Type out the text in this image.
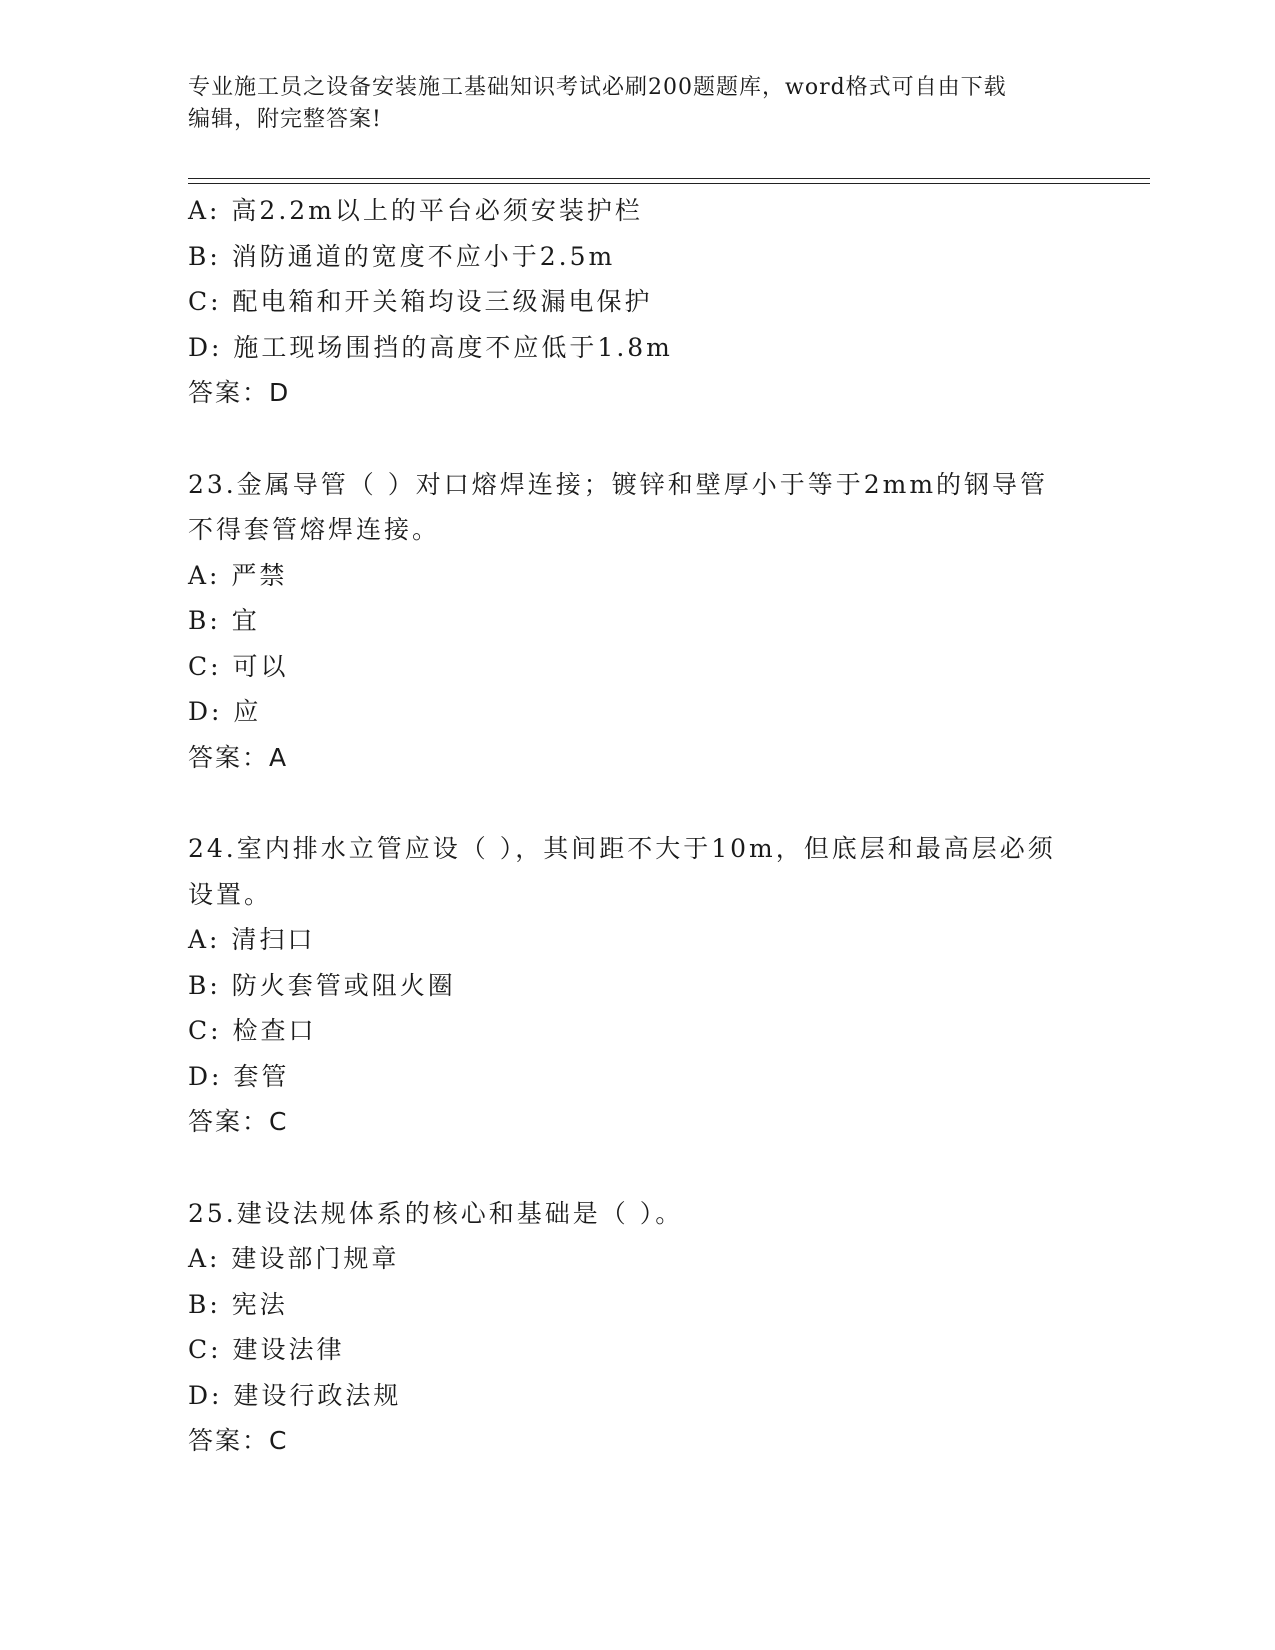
专业施工员之设备安装施工基础知识考试必刷200题题库，word格式可自由下载
编辑，附完整答案!
A: 高2.2m以上的平台必须安装护栏
B: 消防通道的宽度不应小于2.5m
C: 配电箱和开关箱均设三级漏电保护
D: 施工现场围挡的高度不应低于1.8m
答案：D
23.金属导管（ ）对口熔焊连接；镀锌和壁厚小于等于2mm的钢导管
不得套管熔焊连接。
A: 严禁
B: 宜
C: 可以
D: 应
答案：A
24.室内排水立管应设（ ），其间距不大于10m，但底层和最高层必须
设置。
A: 清扫口
B: 防火套管或阻火圈
C: 检查口
D: 套管
答案：C
25.建设法规体系的核心和基础是（ ）。
A: 建设部门规章
B: 宪法
C: 建设法律
D: 建设行政法规
答案：C
